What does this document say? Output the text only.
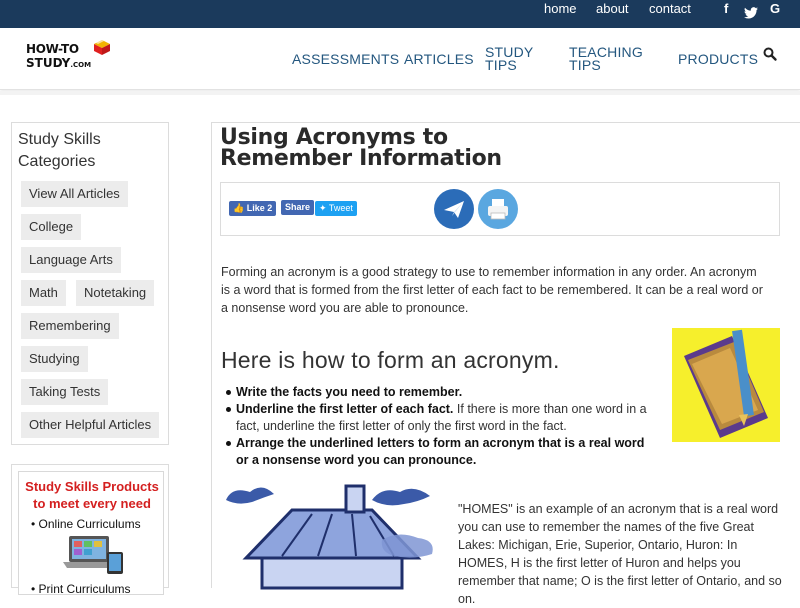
home about contact	f	G
HOW-TO
STUDY.COM	ASSESSMENTS ARTICLES STUDY
TIPS
TEACHING
TIPS	PRODUCTS
Study Skills Categories
View All Articles
College
Language Arts
Math	Notetaking
Remembering
Studying
Taking Tests
Other Helpful Articles
Study Skills Products to meet every need
• Online Curriculums
• Print Curriculums
Using Acronyms to Remember Information
👍 Like 2	Share ✦ Tweet

Forming an acronym is a good strategy to use to remember information in any order. An acronym is a word that is formed from the first letter of each fact to be remembered. It can be a real word or a nonsense word you are able to pronounce.

Here is how to form an acronym.
Write the facts you need to remember.
Underline the first letter of each fact. If there is more than one word in a fact, underline the first letter of only the first word in the fact.
Arrange the underlined letters to form an acronym that is a real word or a nonsense word you can pronounce.

"HOMES" is an example of an acronym that is a real word you can use to remember the names of the five Great Lakes: Michigan, Erie, Superior, Ontario, Huron: In HOMES, H is the first letter of Huron and helps you remember that name; O is the first letter of Ontario, and so on.
